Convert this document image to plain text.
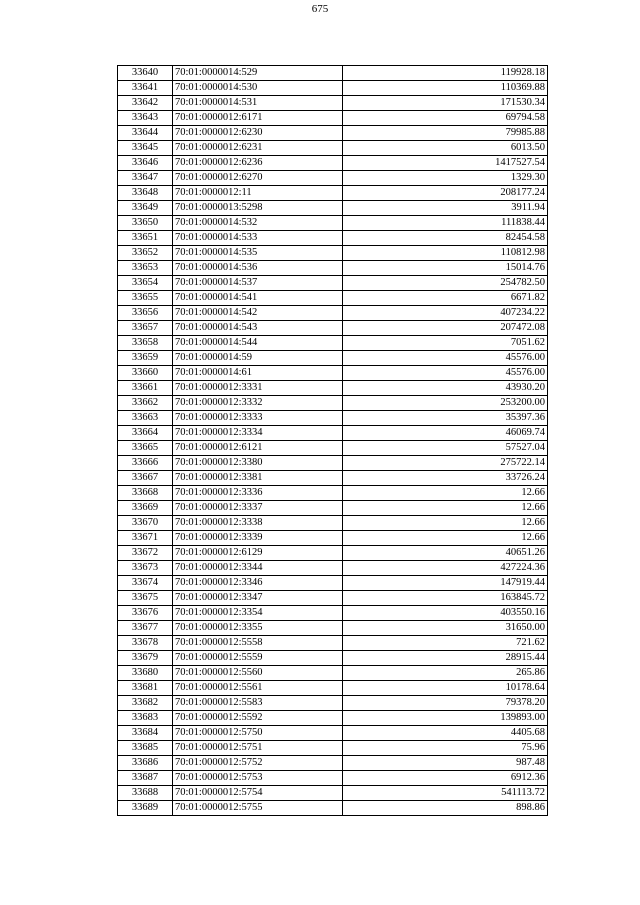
675
33640	70:01:0000014:529	119928.18
33641	70:01:0000014:530	110369.88
33642	70:01:0000014:531	171530.34
33643	70:01:0000012:6171	69794.58
33644	70:01:0000012:6230	79985.88
33645	70:01:0000012:6231	6013.50
33646	70:01:0000012:6236	1417527.54
33647	70:01:0000012:6270	1329.30
33648	70:01:0000012:11	208177.24
33649	70:01:0000013:5298	3911.94
33650	70:01:0000014:532	111838.44
33651	70:01:0000014:533	82454.58
33652	70:01:0000014:535	110812.98
33653	70:01:0000014:536	15014.76
33654	70:01:0000014:537	254782.50
33655	70:01:0000014:541	6671.82
33656	70:01:0000014:542	407234.22
33657	70:01:0000014:543	207472.08
33658	70:01:0000014:544	7051.62
33659	70:01:0000014:59	45576.00
33660	70:01:0000014:61	45576.00
33661	70:01:0000012:3331	43930.20
33662	70:01:0000012:3332	253200.00
33663	70:01:0000012:3333	35397.36
33664	70:01:0000012:3334	46069.74
33665	70:01:0000012:6121	57527.04
33666	70:01:0000012:3380	275722.14
33667	70:01:0000012:3381	33726.24
33668	70:01:0000012:3336	12.66
33669	70:01:0000012:3337	12.66
33670	70:01:0000012:3338	12.66
33671	70:01:0000012:3339	12.66
33672	70:01:0000012:6129	40651.26
33673	70:01:0000012:3344	427224.36
33674	70:01:0000012:3346	147919.44
33675	70:01:0000012:3347	163845.72
33676	70:01:0000012:3354	403550.16
33677	70:01:0000012:3355	31650.00
33678	70:01:0000012:5558	721.62
33679	70:01:0000012:5559	28915.44
33680	70:01:0000012:5560	265.86
33681	70:01:0000012:5561	10178.64
33682	70:01:0000012:5583	79378.20
33683	70:01:0000012:5592	139893.00
33684	70:01:0000012:5750	4405.68
33685	70:01:0000012:5751	75.96
33686	70:01:0000012:5752	987.48
33687	70:01:0000012:5753	6912.36
33688	70:01:0000012:5754	541113.72
33689	70:01:0000012:5755	898.86
